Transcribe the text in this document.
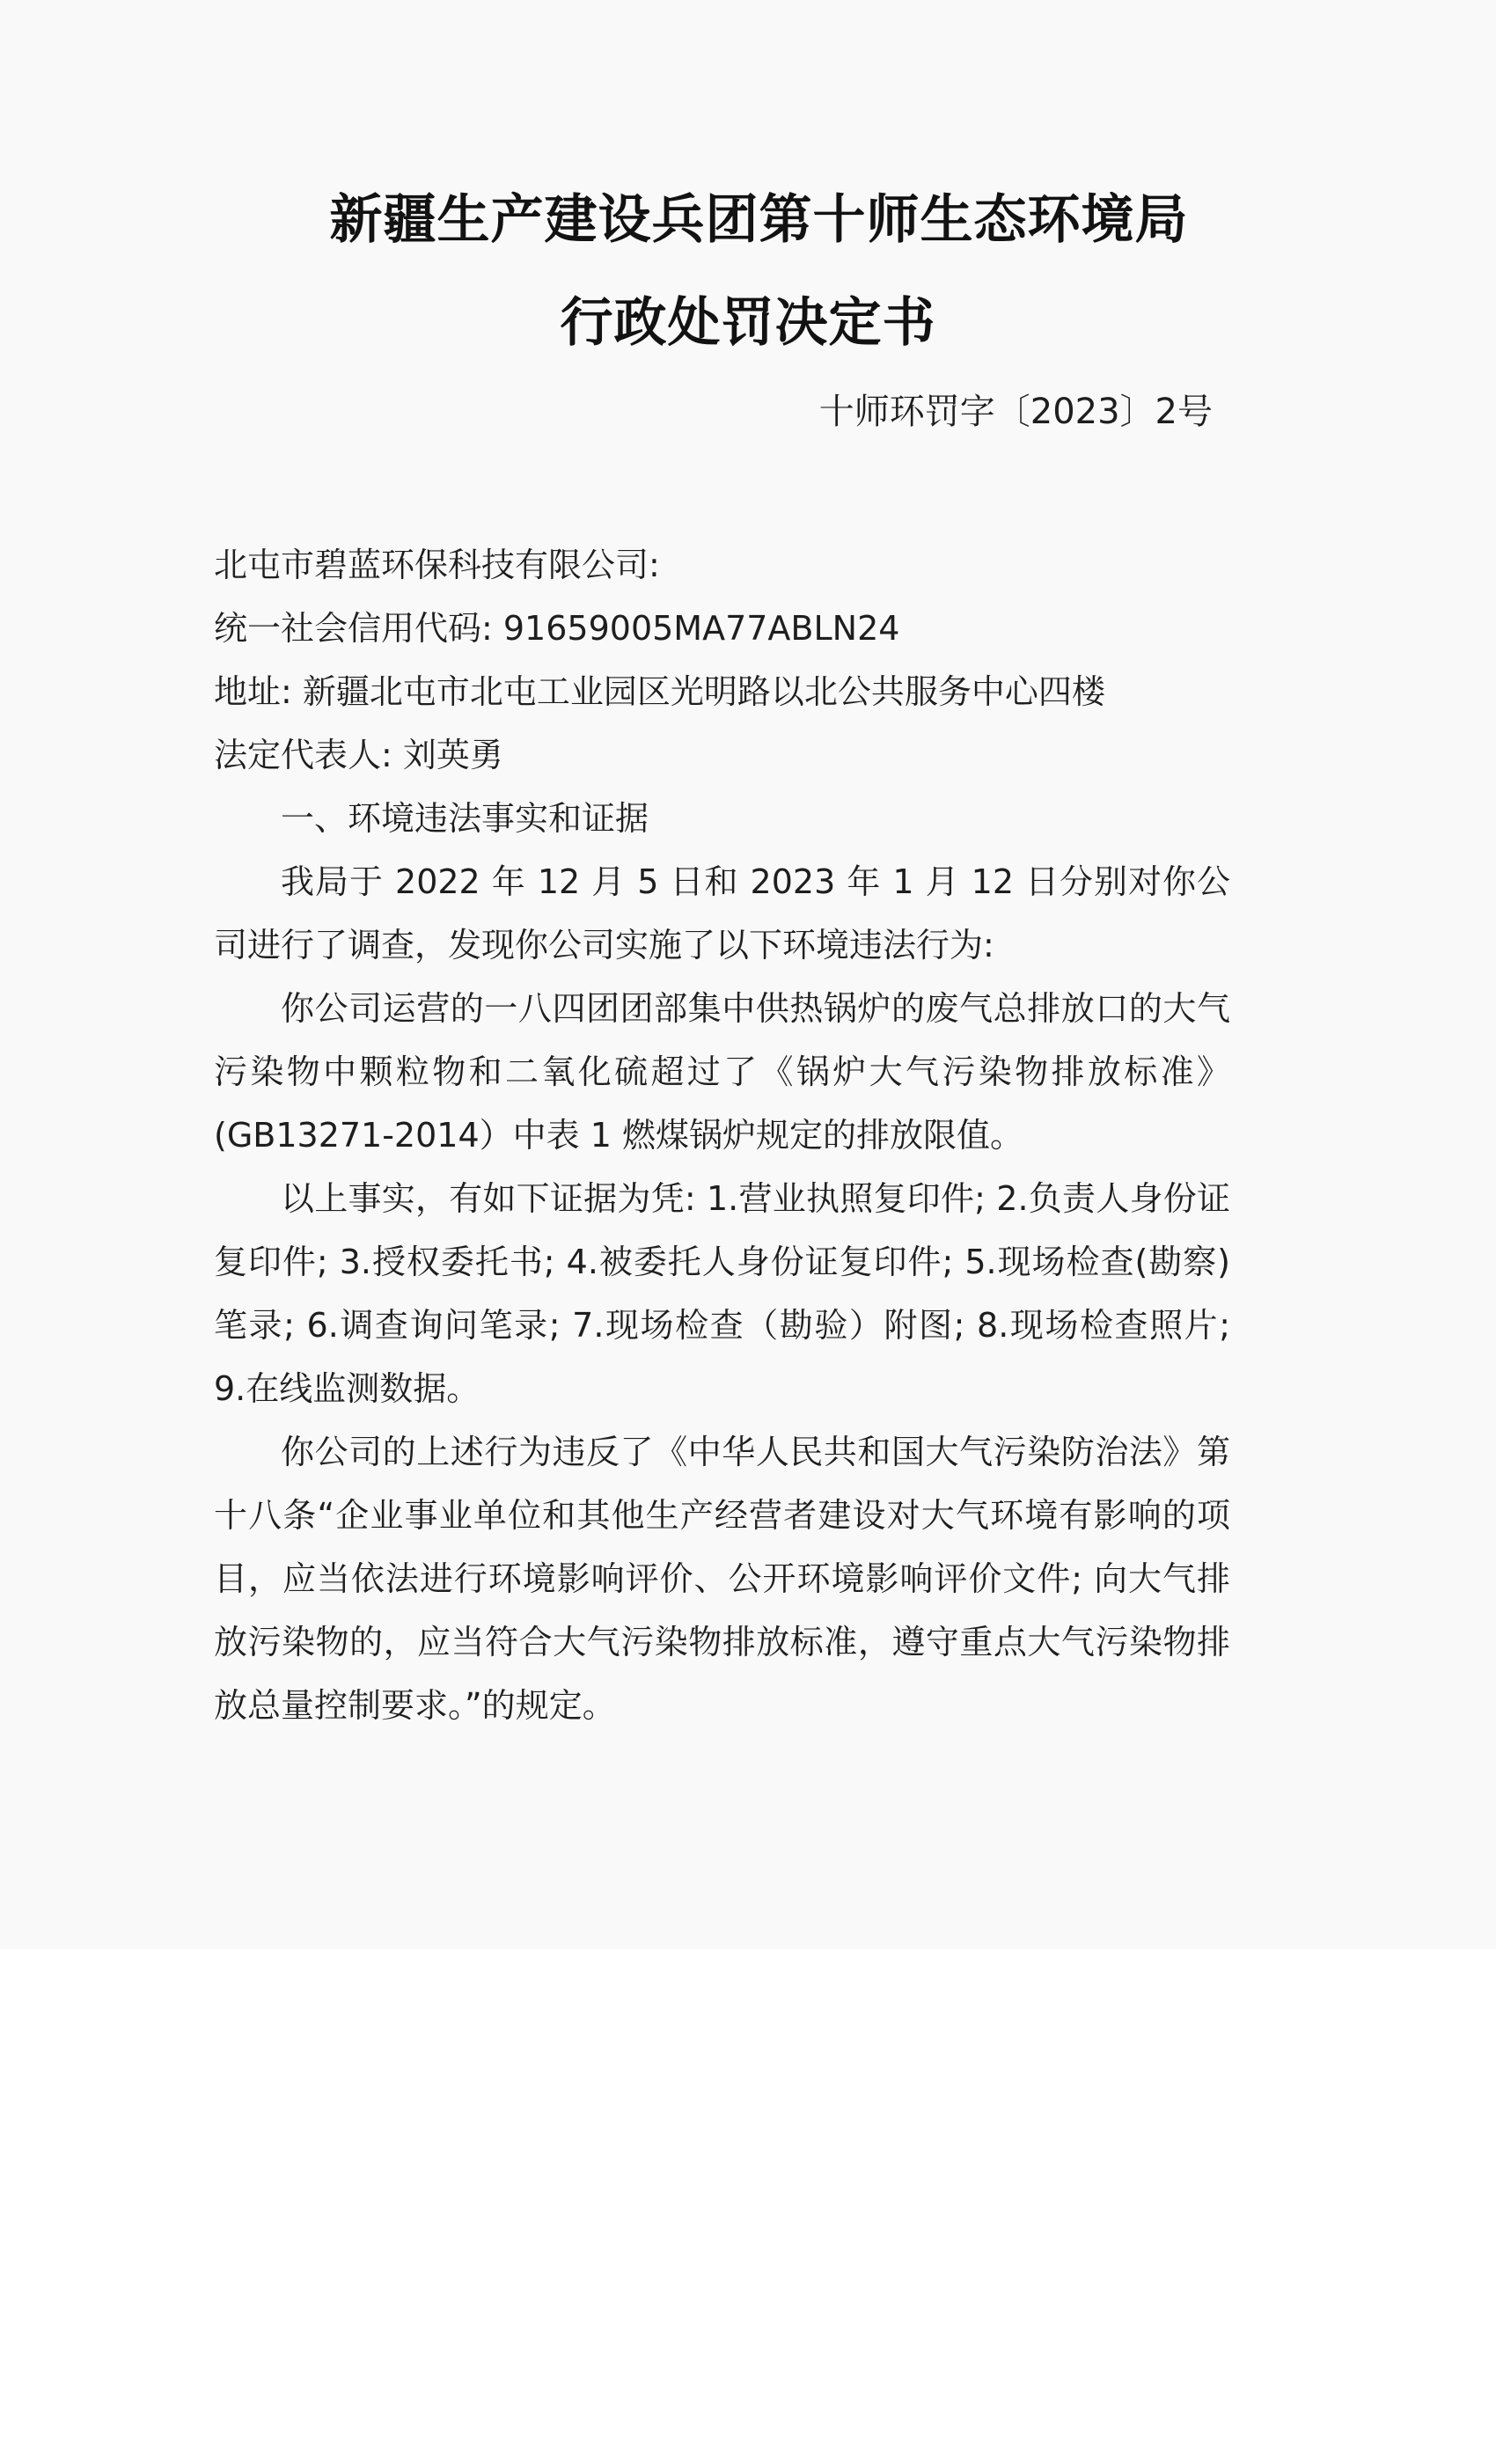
新疆生产建设兵团第十师生态环境局
行政处罚决定书
十师环罚字〔2023〕2号

北屯市碧蓝环保科技有限公司:

统一社会信用代码: 91659005MA77ABLN24

地址: 新疆北屯市北屯工业园区光明路以北公共服务中心四楼

法定代表人: 刘英勇

一、环境违法事实和证据

我局于 2022 年 12 月 5 日和 2023 年 1 月 12 日分别对你公司进行了调查，发现你公司实施了以下环境违法行为:

你公司运营的一八四团团部集中供热锅炉的废气总排放口的大气污染物中颗粒物和二氧化硫超过了《锅炉大气污染物排放标准》(GB13271-2014）中表 1 燃煤锅炉规定的排放限值。

以上事实，有如下证据为凭: 1.营业执照复印件; 2.负责人身份证复印件; 3.授权委托书; 4.被委托人身份证复印件; 5.现场检查(勘察)笔录; 6.调查询问笔录; 7.现场检查（勘验）附图; 8.现场检查照片; 9.在线监测数据。

你公司的上述行为违反了《中华人民共和国大气污染防治法》第十八条“企业事业单位和其他生产经营者建设对大气环境有影响的项目，应当依法进行环境影响评价、公开环境影响评价文件; 向大气排放污染物的，应当符合大气污染物排放标准，遵守重点大气污染物排放总量控制要求。”的规定。
